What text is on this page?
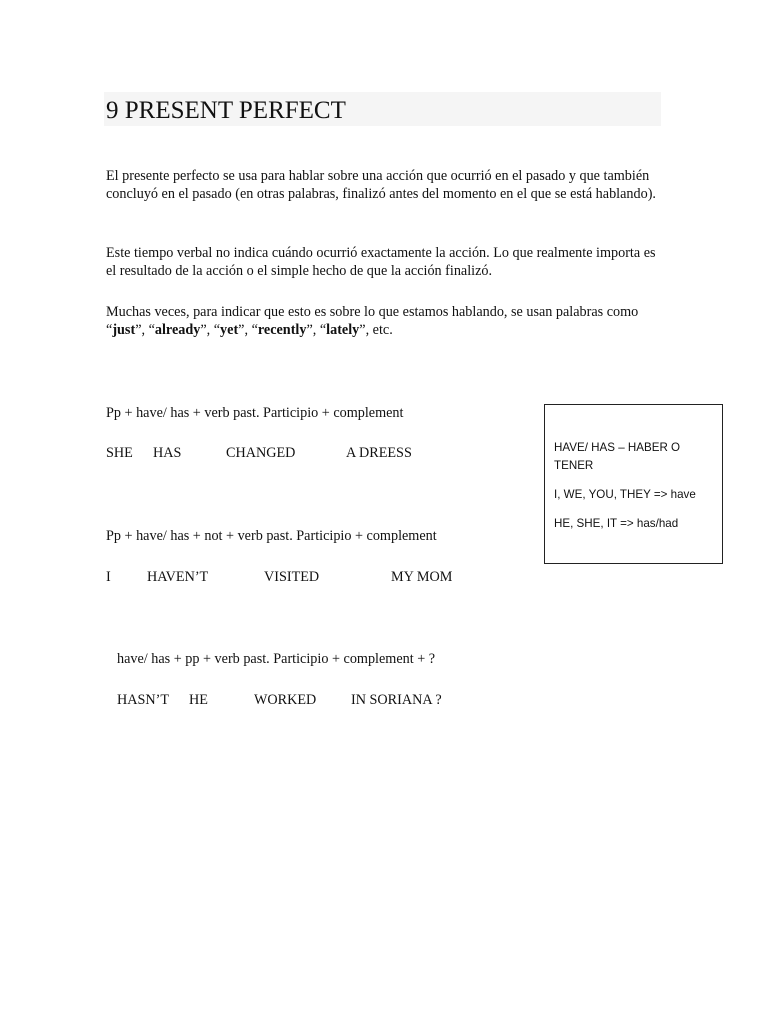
9 PRESENT PERFECT

El presente perfecto se usa para hablar sobre una acción que ocurrió en el pasado y que también concluyó en el pasado (en otras palabras, finalizó antes del momento en el que se está hablando).

Este tiempo verbal no indica cuándo ocurrió exactamente la acción. Lo que realmente importa es el resultado de la acción o el simple hecho de que la acción finalizó.

Muchas veces, para indicar que esto es sobre lo que estamos hablando, se usan palabras como “just”, “already”, “yet”, “recently”, “lately”, etc.

Pp + have/ has + verb past. Participio + complement
SHE HAS	CHANGED	A DREESS
Pp + have/ has + not + verb past. Participio + complement
I	HAVEN’T	VISITED	MY MOM
have/ has + pp + verb past. Participio + complement + ?
HASN’T HE	WORKED IN SORIANA ?
HAVE/ HAS – HABER O TENER
I, WE, YOU, THEY => have
HE, SHE, IT => has/had
